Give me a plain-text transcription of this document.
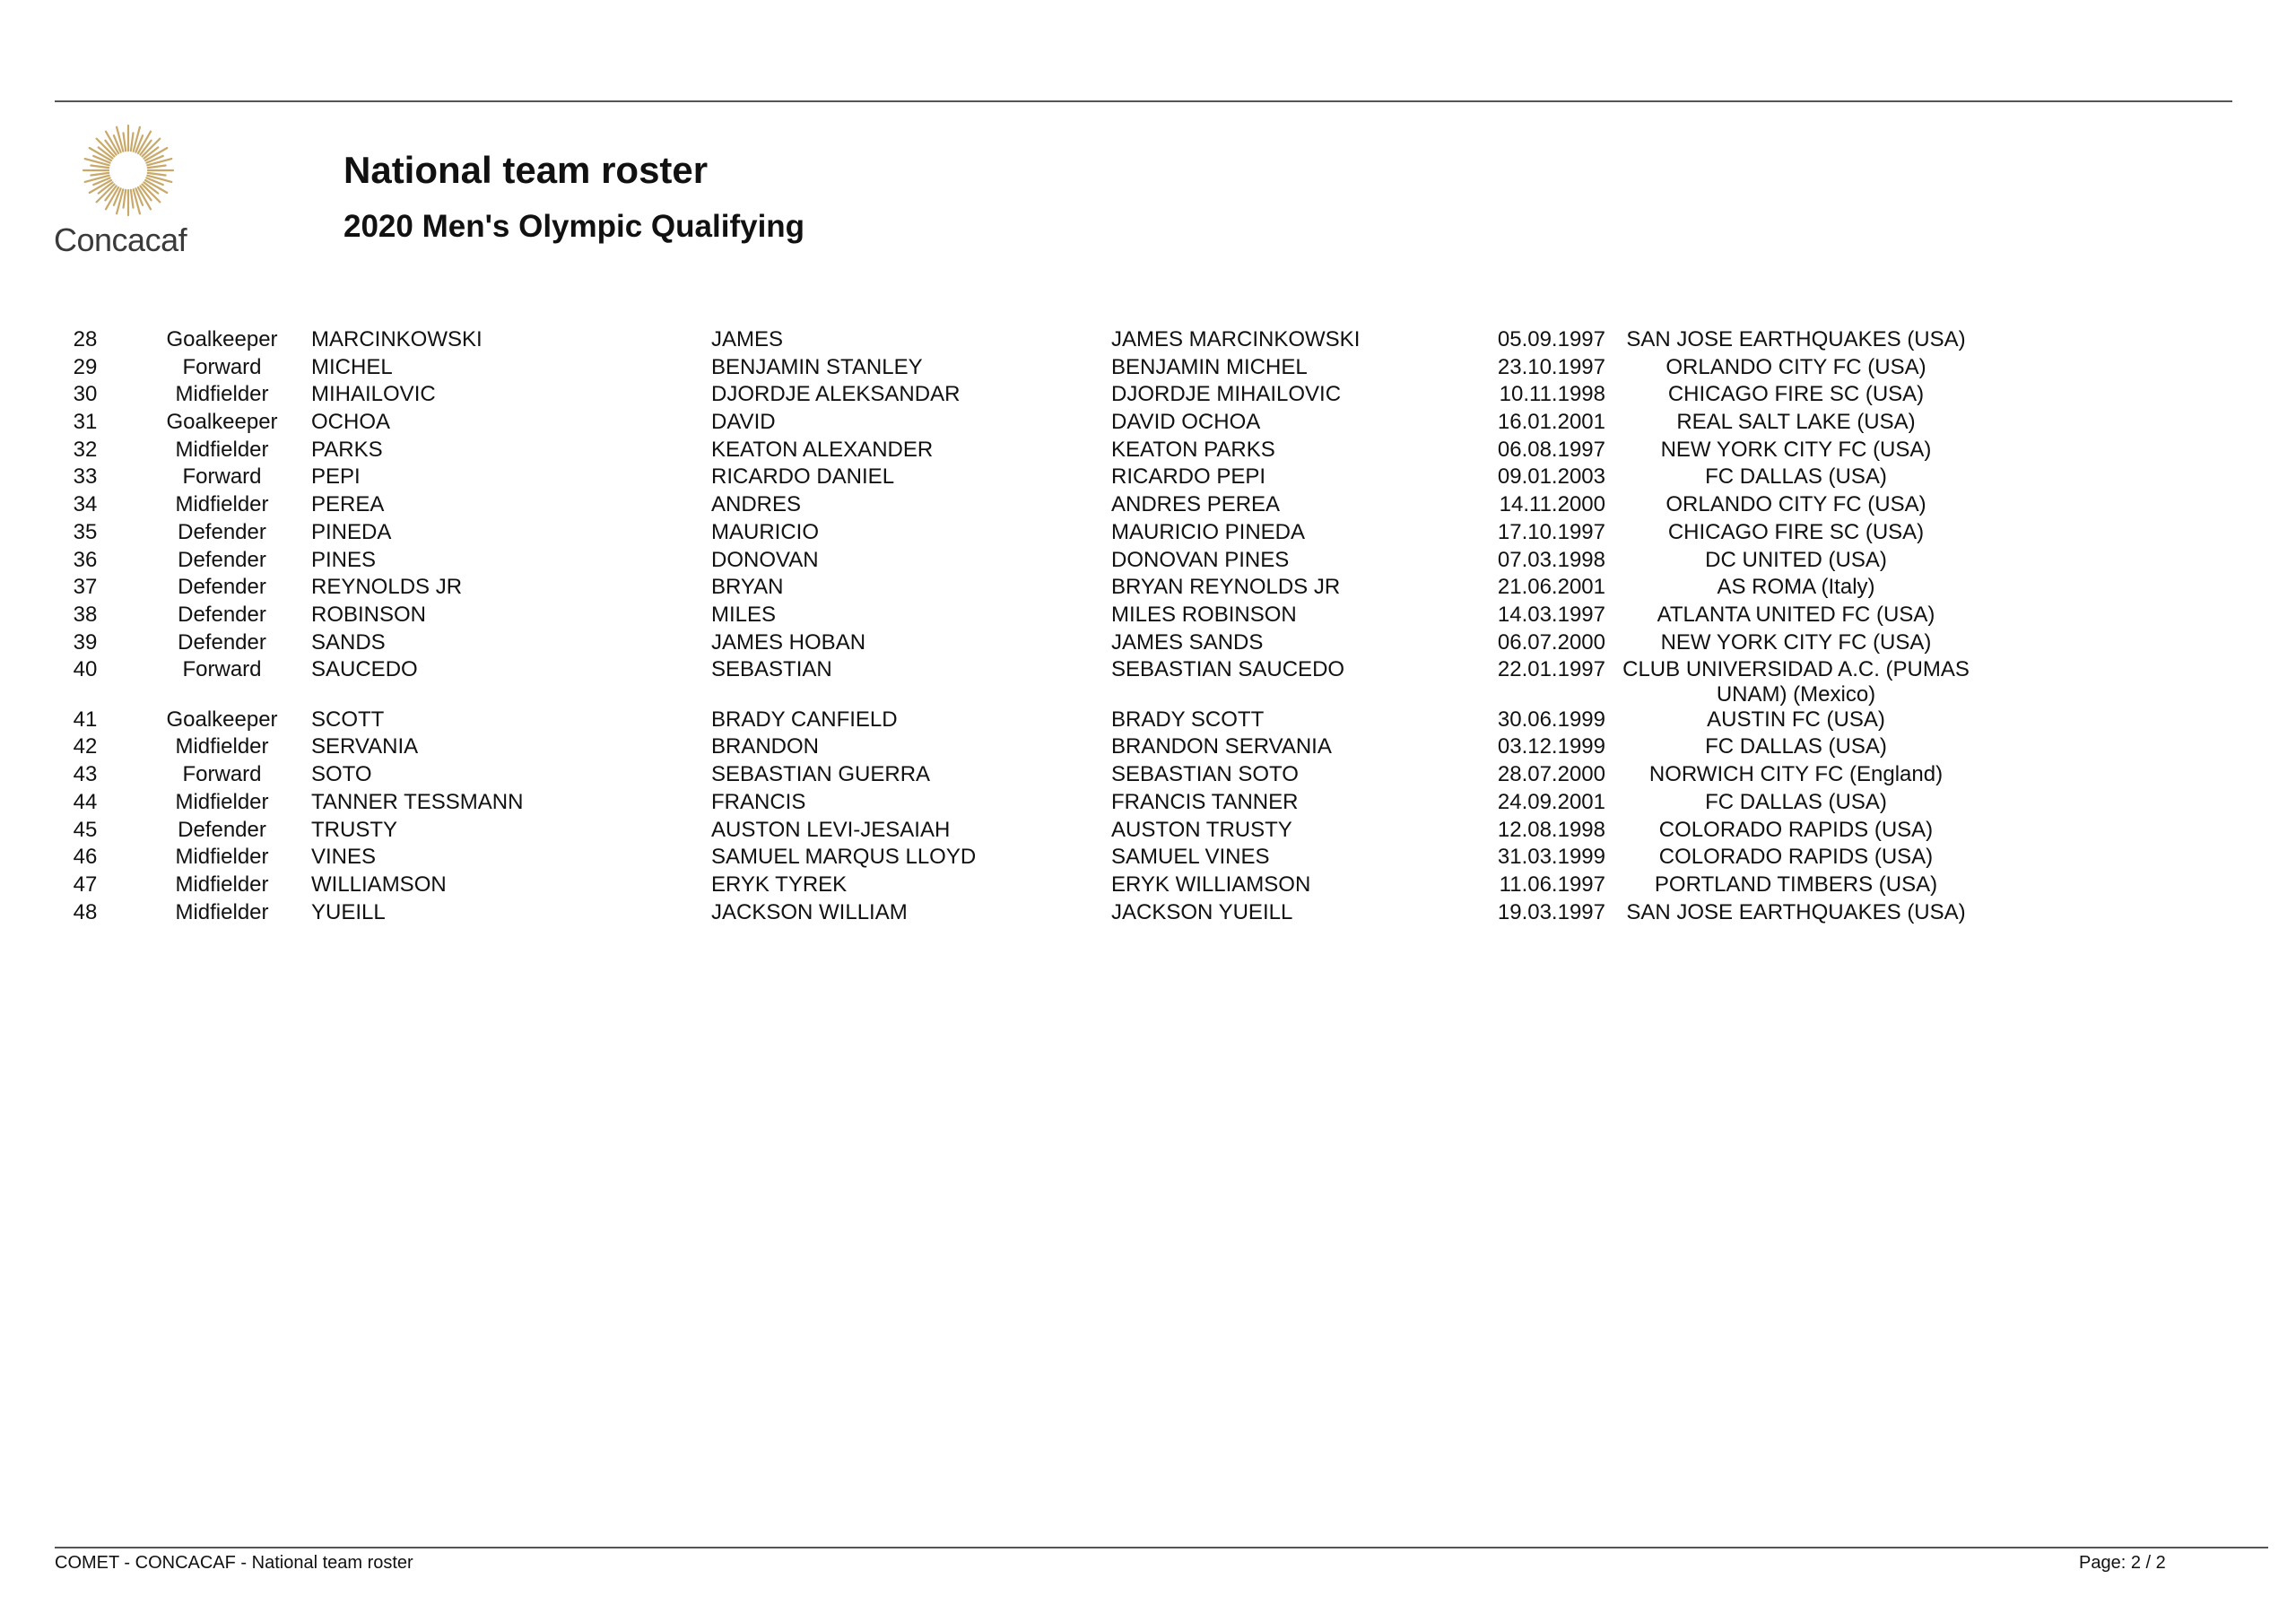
Concacaf
National team roster
2020 Men's Olympic Qualifying
28	Goalkeeper	MARCINKOWSKI	JAMES	JAMES MARCINKOWSKI	05.09.1997 SAN JOSE EARTHQUAKES (USA)
29	Forward	MICHEL	BENJAMIN STANLEY	BENJAMIN MICHEL	23.10.1997	ORLANDO CITY FC (USA)
30	Midfielder	MIHAILOVIC	DJORDJE ALEKSANDAR	DJORDJE MIHAILOVIC	10.11.1998	CHICAGO FIRE SC (USA)
31	Goalkeeper	OCHOA	DAVID	DAVID OCHOA	16.01.2001	REAL SALT LAKE (USA)
32	Midfielder	PARKS	KEATON ALEXANDER	KEATON PARKS	06.08.1997	NEW YORK CITY FC (USA)
33	Forward	PEPI	RICARDO DANIEL	RICARDO PEPI	09.01.2003	FC DALLAS (USA)
34	Midfielder	PEREA	ANDRES	ANDRES PEREA	14.11.2000	ORLANDO CITY FC (USA)
35	Defender	PINEDA	MAURICIO	MAURICIO PINEDA	17.10.1997	CHICAGO FIRE SC (USA)
36	Defender	PINES	DONOVAN	DONOVAN PINES	07.03.1998	DC UNITED (USA)
37	Defender	REYNOLDS JR	BRYAN	BRYAN REYNOLDS JR	21.06.2001	AS ROMA (Italy)
38	Defender	ROBINSON	MILES	MILES ROBINSON	14.03.1997	ATLANTA UNITED FC (USA)
39	Defender	SANDS	JAMES HOBAN	JAMES SANDS	06.07.2000	NEW YORK CITY FC (USA)
40	Forward	SAUCEDO	SEBASTIAN	SEBASTIAN SAUCEDO	22.01.1997 CLUB UNIVERSIDAD A.C. (PUMAS UNAM) (Mexico)
41	Goalkeeper	SCOTT	BRADY CANFIELD	BRADY SCOTT	30.06.1999	AUSTIN FC (USA)
42	Midfielder	SERVANIA	BRANDON	BRANDON SERVANIA	03.12.1999	FC DALLAS (USA)
43	Forward	SOTO	SEBASTIAN GUERRA	SEBASTIAN SOTO	28.07.2000	NORWICH CITY FC (England)
44	Midfielder	TANNER TESSMANN	FRANCIS	FRANCIS TANNER	24.09.2001	FC DALLAS (USA)
45	Defender	TRUSTY	AUSTON LEVI-JESAIAH	AUSTON TRUSTY	12.08.1998	COLORADO RAPIDS (USA)
46	Midfielder	VINES	SAMUEL MARQUS LLOYD	SAMUEL VINES	31.03.1999	COLORADO RAPIDS (USA)
47	Midfielder	WILLIAMSON	ERYK TYREK	ERYK WILLIAMSON	11.06.1997	PORTLAND TIMBERS (USA)
48	Midfielder	YUEILL	JACKSON WILLIAM	JACKSON YUEILL	19.03.1997 SAN JOSE EARTHQUAKES (USA)
COMET - CONCACAF - National team roster	Page: 2 / 2
